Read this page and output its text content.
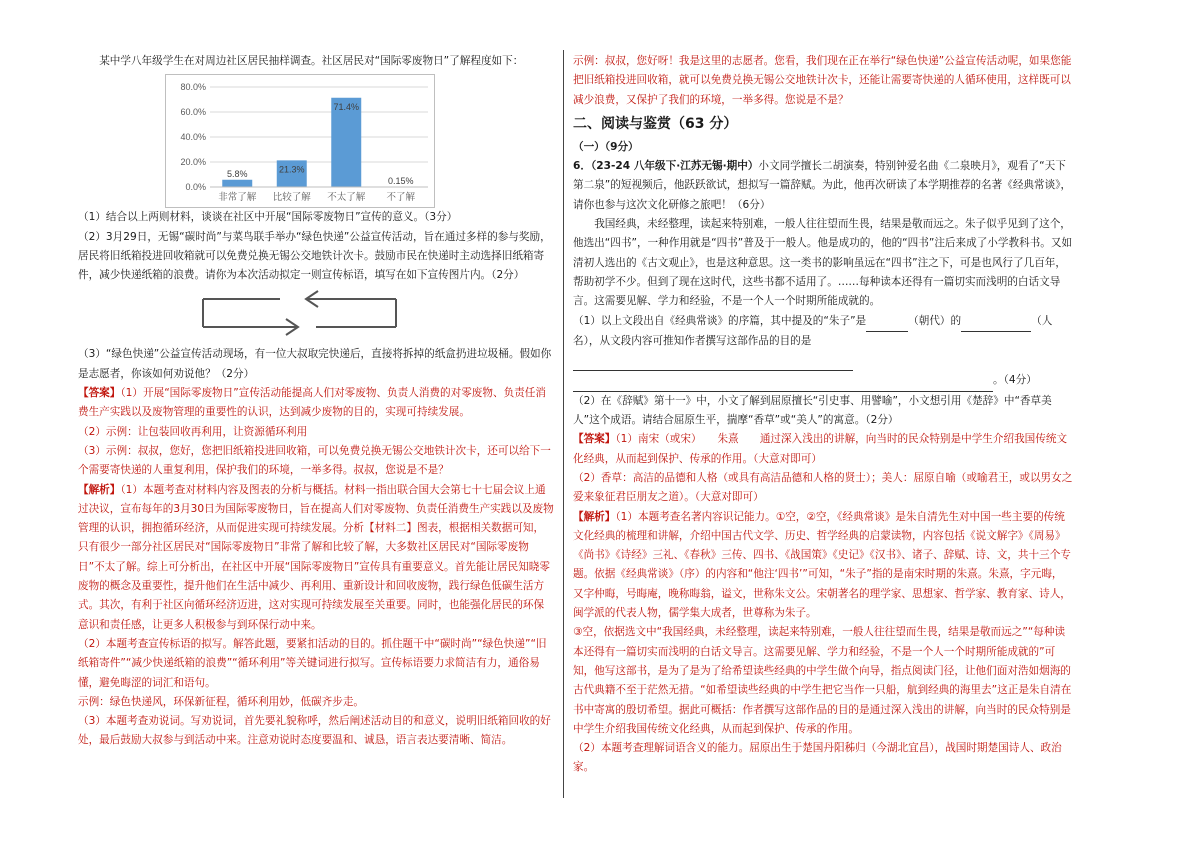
某中学八年级学生在对周边社区居民抽样调查。社区居民对“国际零废物日”了解程度如下：

0.0%
20.0%
40.0%
60.0%
80.0%
5.8%
非常了解
21.3%
比较了解
71.4%
不太了解
0.15%
不了解

（1）结合以上两则材料，谈谈在社区中开展“国际零废物日”宣传的意义。（3分）

（2）3月29日，无锡“碳时尚”与菜鸟联手举办“绿色快递”公益宣传活动，旨在通过多样的参与奖励，居民将旧纸箱投进回收箱就可以免费兑换无锡公交地铁计次卡。鼓励市民在快递时主动选择旧纸箱寄件，减少快递纸箱的浪费。请你为本次活动拟定一则宣传标语，填写在如下宣传图片内。（2分）

（3）“绿色快递”公益宣传活动现场，有一位大叔取完快递后，直接将拆掉的纸盒扔进垃圾桶。假如你是志愿者，你该如何劝说他？（2分）

【答案】（1）开展“国际零废物日”宣传活动能提高人们对零废物、负责人消费的对零废物、负责任消费生产实践以及废物管理的重要性的认识，达到减少废物的目的，实现可持续发展。

（2）示例：让包装回收再利用，让资源循环利用

（3）示例：叔叔，您好，您把旧纸箱投进回收箱，可以免费兑换无锡公交地铁计次卡，还可以给下一个需要寄快递的人重复利用，保护我们的环境，一举多得。叔叔，您说是不是？

【解析】（1）本题考查对材料内容及图表的分析与概括。材料一指出联合国大会第七十七届会议上通过决议，宣布每年的3月30日为国际零废物日，旨在提高人们对零废物、负责任消费生产实践以及废物管理的认识，拥抱循环经济，从而促进实现可持续发展。分析【材料二】图表，根据相关数据可知，只有很少一部分社区居民对“国际零废物日”非常了解和比较了解，大多数社区居民对“国际零废物日”不太了解。综上可分析出，在社区中开展“国际零废物日”宣传具有重要意义。首先能让居民知晓零废物的概念及重要性，提升他们在生活中减少、再利用、重新设计和回收废物，践行绿色低碳生活方式。其次，有利于社区向循环经济迈进，这对实现可持续发展至关重要。同时，也能强化居民的环保意识和责任感，让更多人积极参与到环保行动中来。

（2）本题考查宣传标语的拟写。解答此题，要紧扣活动的目的。抓住题干中“碳时尚”“绿色快递”“旧纸箱寄件”“减少快递纸箱的浪费”“循环利用”等关键词进行拟写。宣传标语要力求简洁有力，通俗易懂，避免晦涩的词汇和语句。

示例：绿色快递风，环保新征程，循环利用妙，低碳齐步走。

（3）本题考查劝说词。写劝说词，首先要礼貌称呼，然后阐述活动目的和意义，说明旧纸箱回收的好处，最后鼓励大叔参与到活动中来。注意劝说时态度要温和、诚恳，语言表达要清晰、简洁。

示例：叔叔，您好呀！我是这里的志愿者。您看，我们现在正在举行“绿色快递”公益宣传活动呢，如果您能把旧纸箱投进回收箱，就可以免费兑换无锡公交地铁计次卡，还能让需要寄快递的人循环使用，这样既可以减少浪费，又保护了我们的环境，一举多得。您说是不是？

二、阅读与鉴赏（63 分）

（一）（9分）

6．（23-24 八年级下·江苏无锡·期中）小文同学擅长二胡演奏，特别钟爱名曲《二泉映月》，观看了“天下第二泉”的短视频后，他跃跃欲试，想拟写一篇辞赋。为此，他再次研读了本学期推荐的名著《经典常谈》，请你也参与这次文化研修之旅吧！（6分）

我国经典，未经整理，读起来特别难，一般人往往望而生畏，结果是敬而远之。朱子似乎见到了这个，他选出“四书”，一种作用就是“四书”普及于一般人。他是成功的，他的“四书”注后来成了小学教科书。又如清初人选出的《古文观止》，也是这种意思。这一类书的影响虽远在“四书”注之下，可是也风行了几百年，帮助初学不少。但到了现在这时代，这些书都不适用了。……每种读本还得有一篇切实而浅明的白话文导言。这需要见解、学力和经验，不是一个人一个时期所能成就的。

（1）以上文段出自《经典常谈》的序篇，其中提及的“朱子”是	（朝代）的	（人名），从文段内容可推知作者撰写这部作品的目的是
。（4分）

（2）在《辞赋》第十一》中，小文了解到屈原擅长“引史事、用譬喻”，小文想引用《楚辞》中“香草美人”这个成语。请结合屈原生平，揣摩“香草”或“美人”的寓意。（2分）

【答案】（1）南宋（或宋）　　朱熹　　通过深入浅出的讲解，向当时的民众特别是中学生介绍我国传统文化经典，从而起到保护、传承的作用。（大意对即可）

（2）香草：高洁的品德和人格（或具有高洁品德和人格的贤士）；美人：屈原自喻（或喻君王，或以男女之爱来象征君臣朋友之道）。（大意对即可）

【解析】（1）本题考查名著内容识记能力。①空，②空，《经典常谈》是朱自清先生对中国一些主要的传统文化经典的梳理和讲解，介绍中国古代文学、历史、哲学经典的启蒙读物，内容包括《说文解字》《周易》《尚书》《诗经》三礼、《春秋》三传、四书、《战国策》《史记》《汉书》、诸子、辞赋、诗、文，共十三个专题。依据《经典常谈》（序）的内容和“他注‘四书’”可知，“朱子”指的是南宋时期的朱熹。朱熹，字元晦，又字仲晦，号晦庵，晚称晦翁，谥文，世称朱文公。宋朝著名的理学家、思想家、哲学家、教育家、诗人，闽学派的代表人物，儒学集大成者，世尊称为朱子。

③空，依据选文中“我国经典，未经整理，读起来特别难，一般人往往望而生畏，结果是敬而远之”“每种读本还得有一篇切实而浅明的白话文导言。这需要见解、学力和经验，不是一个人一个时期所能成就的”可知，他写这部书，是为了是为了给希望读些经典的中学生做个向导，指点阅读门径，让他们面对浩如烟海的古代典籍不至于茫然无措。“如希望读些经典的中学生把它当作一只船，航到经典的海里去”这正是朱自清在书中寄寓的殷切希望。据此可概括：作者撰写这部作品的目的是通过深入浅出的讲解，向当时的民众特别是中学生介绍我国传统文化经典，从而起到保护、传承的作用。

（2）本题考查理解词语含义的能力。屈原出生于楚国丹阳秭归（今湖北宜昌），战国时期楚国诗人、政治家。
